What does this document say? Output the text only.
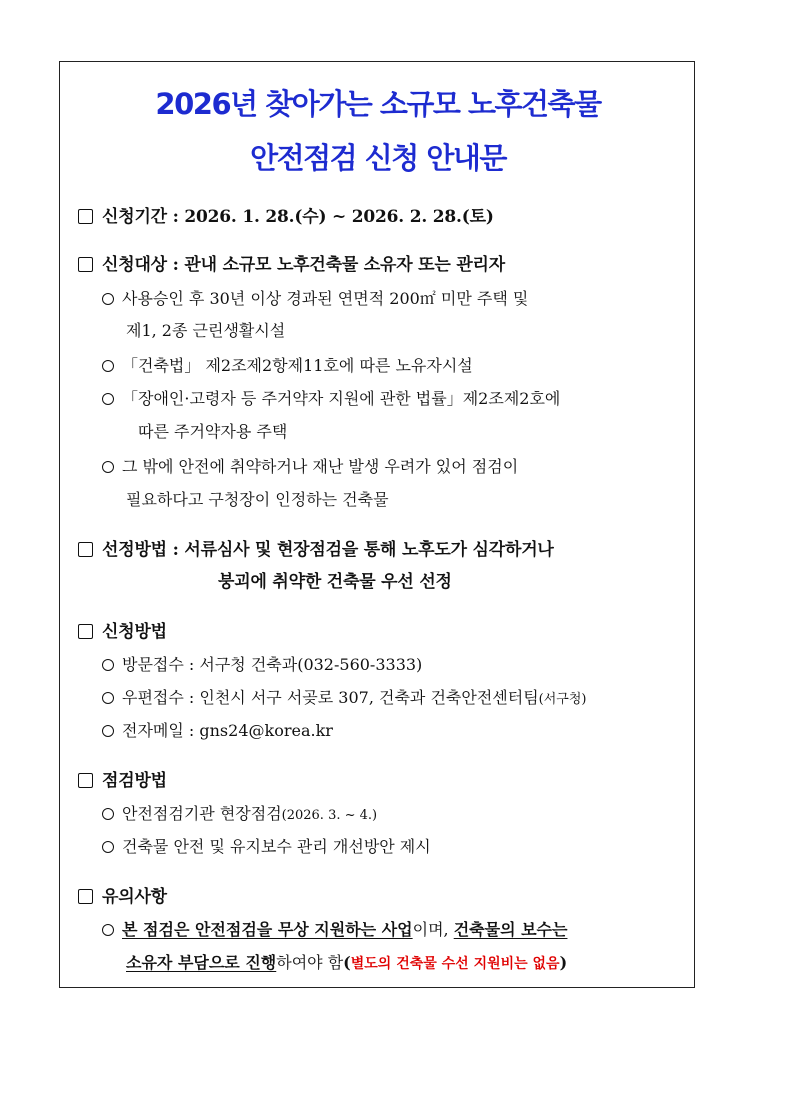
2026년 찾아가는 소규모 노후건축물
안전점검 신청 안내문
신청기간 : 2026. 1. 28.(수) ~ 2026. 2. 28.(토)
신청대상 : 관내 소규모 노후건축물 소유자 또는 관리자
사용승인 후 30년 이상 경과된 연면적 200㎡ 미만 주택 및
제1, 2종 근린생활시설
「건축법」 제2조제2항제11호에 따른 노유자시설
「장애인·고령자 등 주거약자 지원에 관한 법률」제2조제2호에
따른 주거약자용 주택
그 밖에 안전에 취약하거나 재난 발생 우려가 있어 점검이
필요하다고 구청장이 인정하는 건축물
선정방법 : 서류심사 및 현장점검을 통해 노후도가 심각하거나
붕괴에 취약한 건축물 우선 선정
신청방법
방문접수 : 서구청 건축과(032-560-3333)
우편접수 : 인천시 서구 서곶로 307, 건축과 건축안전센터팀(서구청)
전자메일 : gns24@korea.kr
점검방법
안전점검기관 현장점검(2026. 3. ~ 4.)
건축물 안전 및 유지보수 관리 개선방안 제시
유의사항
본 점검은 안전점검을 무상 지원하는 사업이며, 건축물의 보수는
소유자 부담으로 진행하여야 함(별도의 건축물 수선 지원비는 없음)
